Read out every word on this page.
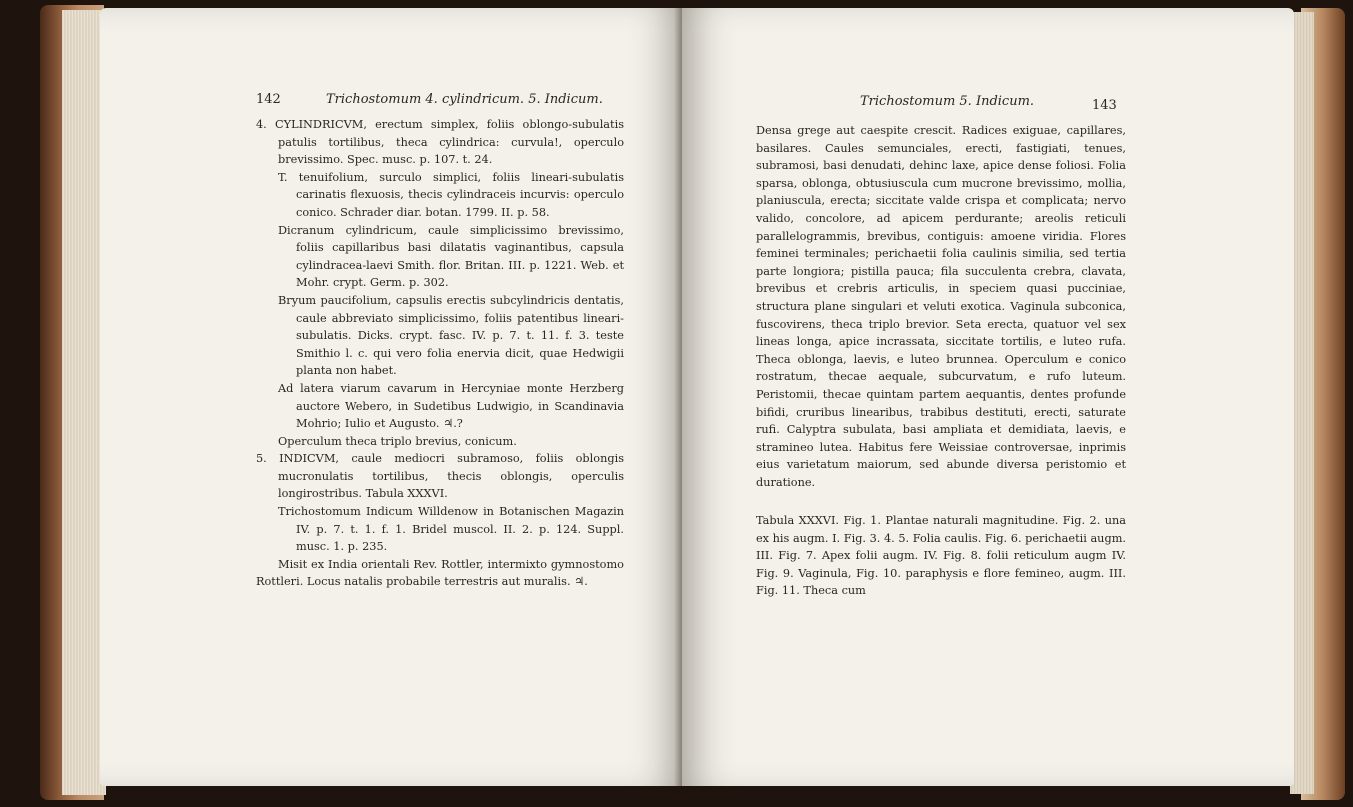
142	Trichostomum 4. cylindricum. 5. Indicum.

4. CYLINDRICVM, erectum simplex, foliis oblongo-subulatis patulis tortilibus, theca cylindrica: curvula!, operculo brevissimo. Spec. musc. p. 107. t. 24.

T. tenuifolium, surculo simplici, foliis lineari-subulatis carinatis flexuosis, thecis cylindraceis incurvis: operculo conico. Schrader diar. botan. 1799. II. p. 58.

Dicranum cylindricum, caule simplicissimo brevissimo, foliis capillaribus basi dilatatis vaginantibus, capsula cylindracea-laevi Smith. flor. Britan. III. p. 1221. Web. et Mohr. crypt. Germ. p. 302.

Bryum paucifolium, capsulis erectis subcylindricis dentatis, caule abbreviato simplicissimo, foliis patentibus lineari-subulatis. Dicks. crypt. fasc. IV. p. 7. t. 11. f. 3. teste Smithio l. c. qui vero folia enervia dicit, quae Hedwigii planta non habet.

Ad latera viarum cavarum in Hercyniae monte Herzberg auctore Webero, in Sudetibus Ludwigio, in Scandinavia Mohrio; Iulio et Augusto. ♃.?

Operculum theca triplo brevius, conicum.

5. INDICVM, caule mediocri subramoso, foliis oblongis mucronulatis tortilibus, thecis oblongis, operculis longirostribus. Tabula XXXVI.

Trichostomum Indicum Willdenow in Botanischen Magazin IV. p. 7. t. 1. f. 1. Bridel muscol. II. 2. p. 124. Suppl. musc. 1. p. 235.

Misit ex India orientali Rev. Rottler, intermixto gymnostomo Rottleri. Locus natalis probabile terrestris aut muralis. ♃.

Trichostomum 5. Indicum.	143
Densa grege aut caespite crescit. Radices exiguae, capillares, basilares. Caules semunciales, erecti, fastigiati, tenues, subramosi, basi denudati, dehinc laxe, apice dense foliosi. Folia sparsa, oblonga, obtusiuscula cum mucrone brevissimo, mollia, planiuscula, erecta; siccitate valde crispa et complicata; nervo valido, concolore, ad apicem perdurante; areolis reticuli parallelogrammis, brevibus, contiguis: amoene viridia. Flores feminei terminales; perichaetii folia caulinis similia, sed tertia parte longiora; pistilla pauca; fila succulenta crebra, clavata, brevibus et crebris articulis, in speciem quasi pucciniae, structura plane singulari et veluti exotica. Vaginula subconica, fuscovirens, theca triplo brevior. Seta erecta, quatuor vel sex lineas longa, apice incrassata, siccitate tortilis, e luteo rufa. Theca oblonga, laevis, e luteo brunnea. Operculum e conico rostratum, thecae aequale, subcurvatum, e rufo luteum. Peristomii, thecae quintam partem aequantis, dentes profunde bifidi, cruribus linearibus, trabibus destituti, erecti, saturate rufi. Calyptra subulata, basi ampliata et demidiata, laevis, e stramineo lutea. Habitus fere Weissiae controversae, inprimis eius varietatum maiorum, sed abunde diversa peristomio et duratione.
Tabula XXXVI. Fig. 1. Plantae naturali magnitudine. Fig. 2. una ex his augm. I. Fig. 3. 4. 5. Folia caulis. Fig. 6. perichaetii augm. III. Fig. 7. Apex folii augm. IV. Fig. 8. folii reticulum augm IV. Fig. 9. Vaginula, Fig. 10. paraphysis e flore femineo, augm. III. Fig. 11. Theca cum
